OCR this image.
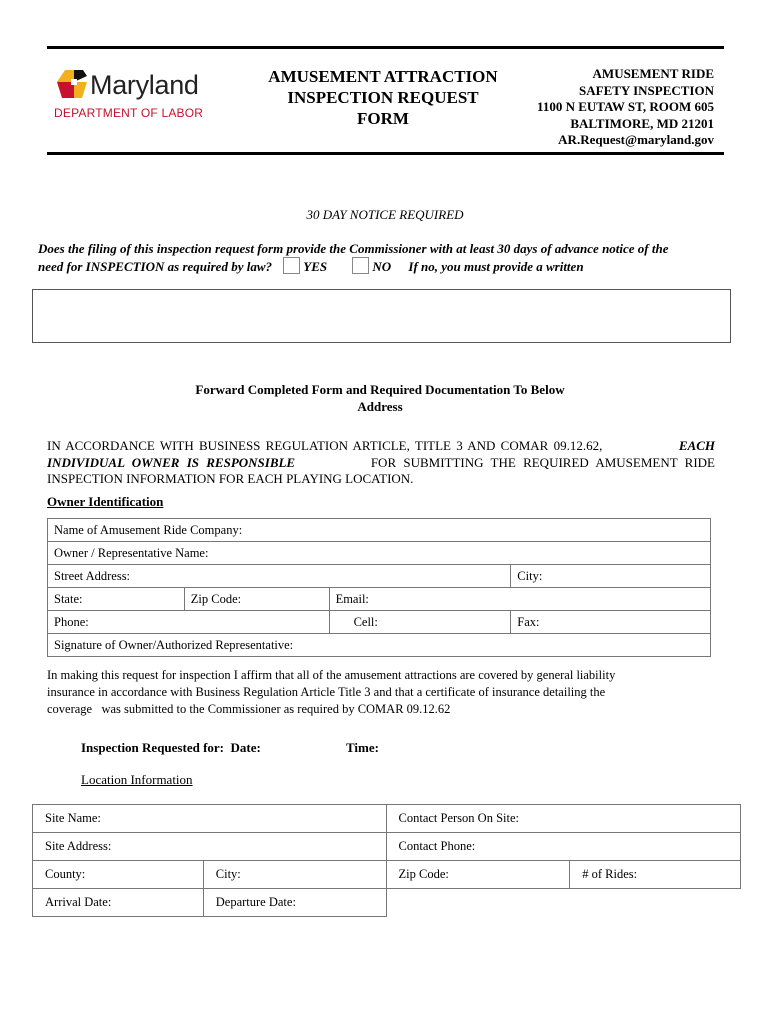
Maryland
DEPARTMENT OF LABOR
AMUSEMENT ATTRACTION
INSPECTION REQUEST
FORM
AMUSEMENT RIDE
SAFETY INSPECTION
1100 N EUTAW ST, ROOM 605
BALTIMORE, MD 21201
AR.Request@maryland.gov
30 DAY NOTICE REQUIRED
Does the filing of this inspection request form provide the Commissioner with at least 30 days of advance notice of the
need for INSPECTION as required by law? YES	NO If no, you must provide a written
Forward Completed Form and Required Documentation To Below
Address
IN ACCORDANCE WITH BUSINESS REGULATION ARTICLE, TITLE 3 AND COMAR 09.12.62,	EACH
INDIVIDUAL OWNER IS RESPONSIBLE	FOR SUBMITTING THE REQUIRED AMUSEMENT RIDE
INSPECTION INFORMATION FOR EACH PLAYING LOCATION.
Owner Identification
Name of Amusement Ride Company:			
Owner / Representative Name:			
Street Address:			City:
State:	Zip Code:	Email:	
Phone:		Cell:	Fax:
Signature of Owner/Authorized Representative:			
In making this request for inspection I affirm that all of the amusement attractions are covered by general liability
insurance in accordance with Business Regulation Article Title 3 and that a certificate of insurance detailing the
coverage   was submitted to the Commissioner as required by COMAR 09.12.62
Inspection Requested for:  Date:	Time:
Location Information
Site Name:		Contact Person On Site:	
Site Address:		Contact Phone:	
County:	City:	Zip Code:	# of Rides:
Arrival Date:	Departure Date:		
